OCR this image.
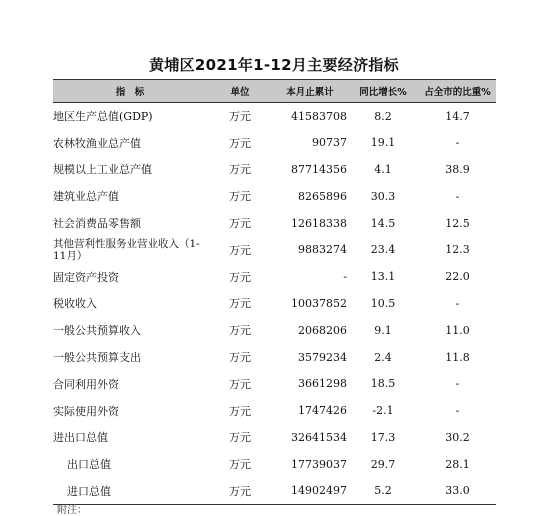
黄埔区2021年1-12月主要经济指标
指　标	单位	本月止累计	同比增长%	占全市的比重%
地区生产总值(GDP)	万元	41583708	8.2	14.7
农林牧渔业总产值	万元	90737	19.1	-
规模以上工业总产值	万元	87714356	4.1	38.9
建筑业总产值	万元	8265896	30.3	-
社会消费品零售额	万元	12618338	14.5	12.5
其他营利性服务业营业收入（1-11月）	万元	9883274	23.4	12.3
固定资产投资	万元	-	13.1	22.0
税收收入	万元	10037852	10.5	-
一般公共预算收入	万元	2068206	9.1	11.0
一般公共预算支出	万元	3579234	2.4	11.8
合同利用外资	万元	3661298	18.5	-
实际使用外资	万元	1747426	-2.1	-
进出口总值	万元	32641534	17.3	30.2
出口总值	万元	17739037	29.7	28.1
进口总值	万元	14902497	5.2	33.0
附注：
